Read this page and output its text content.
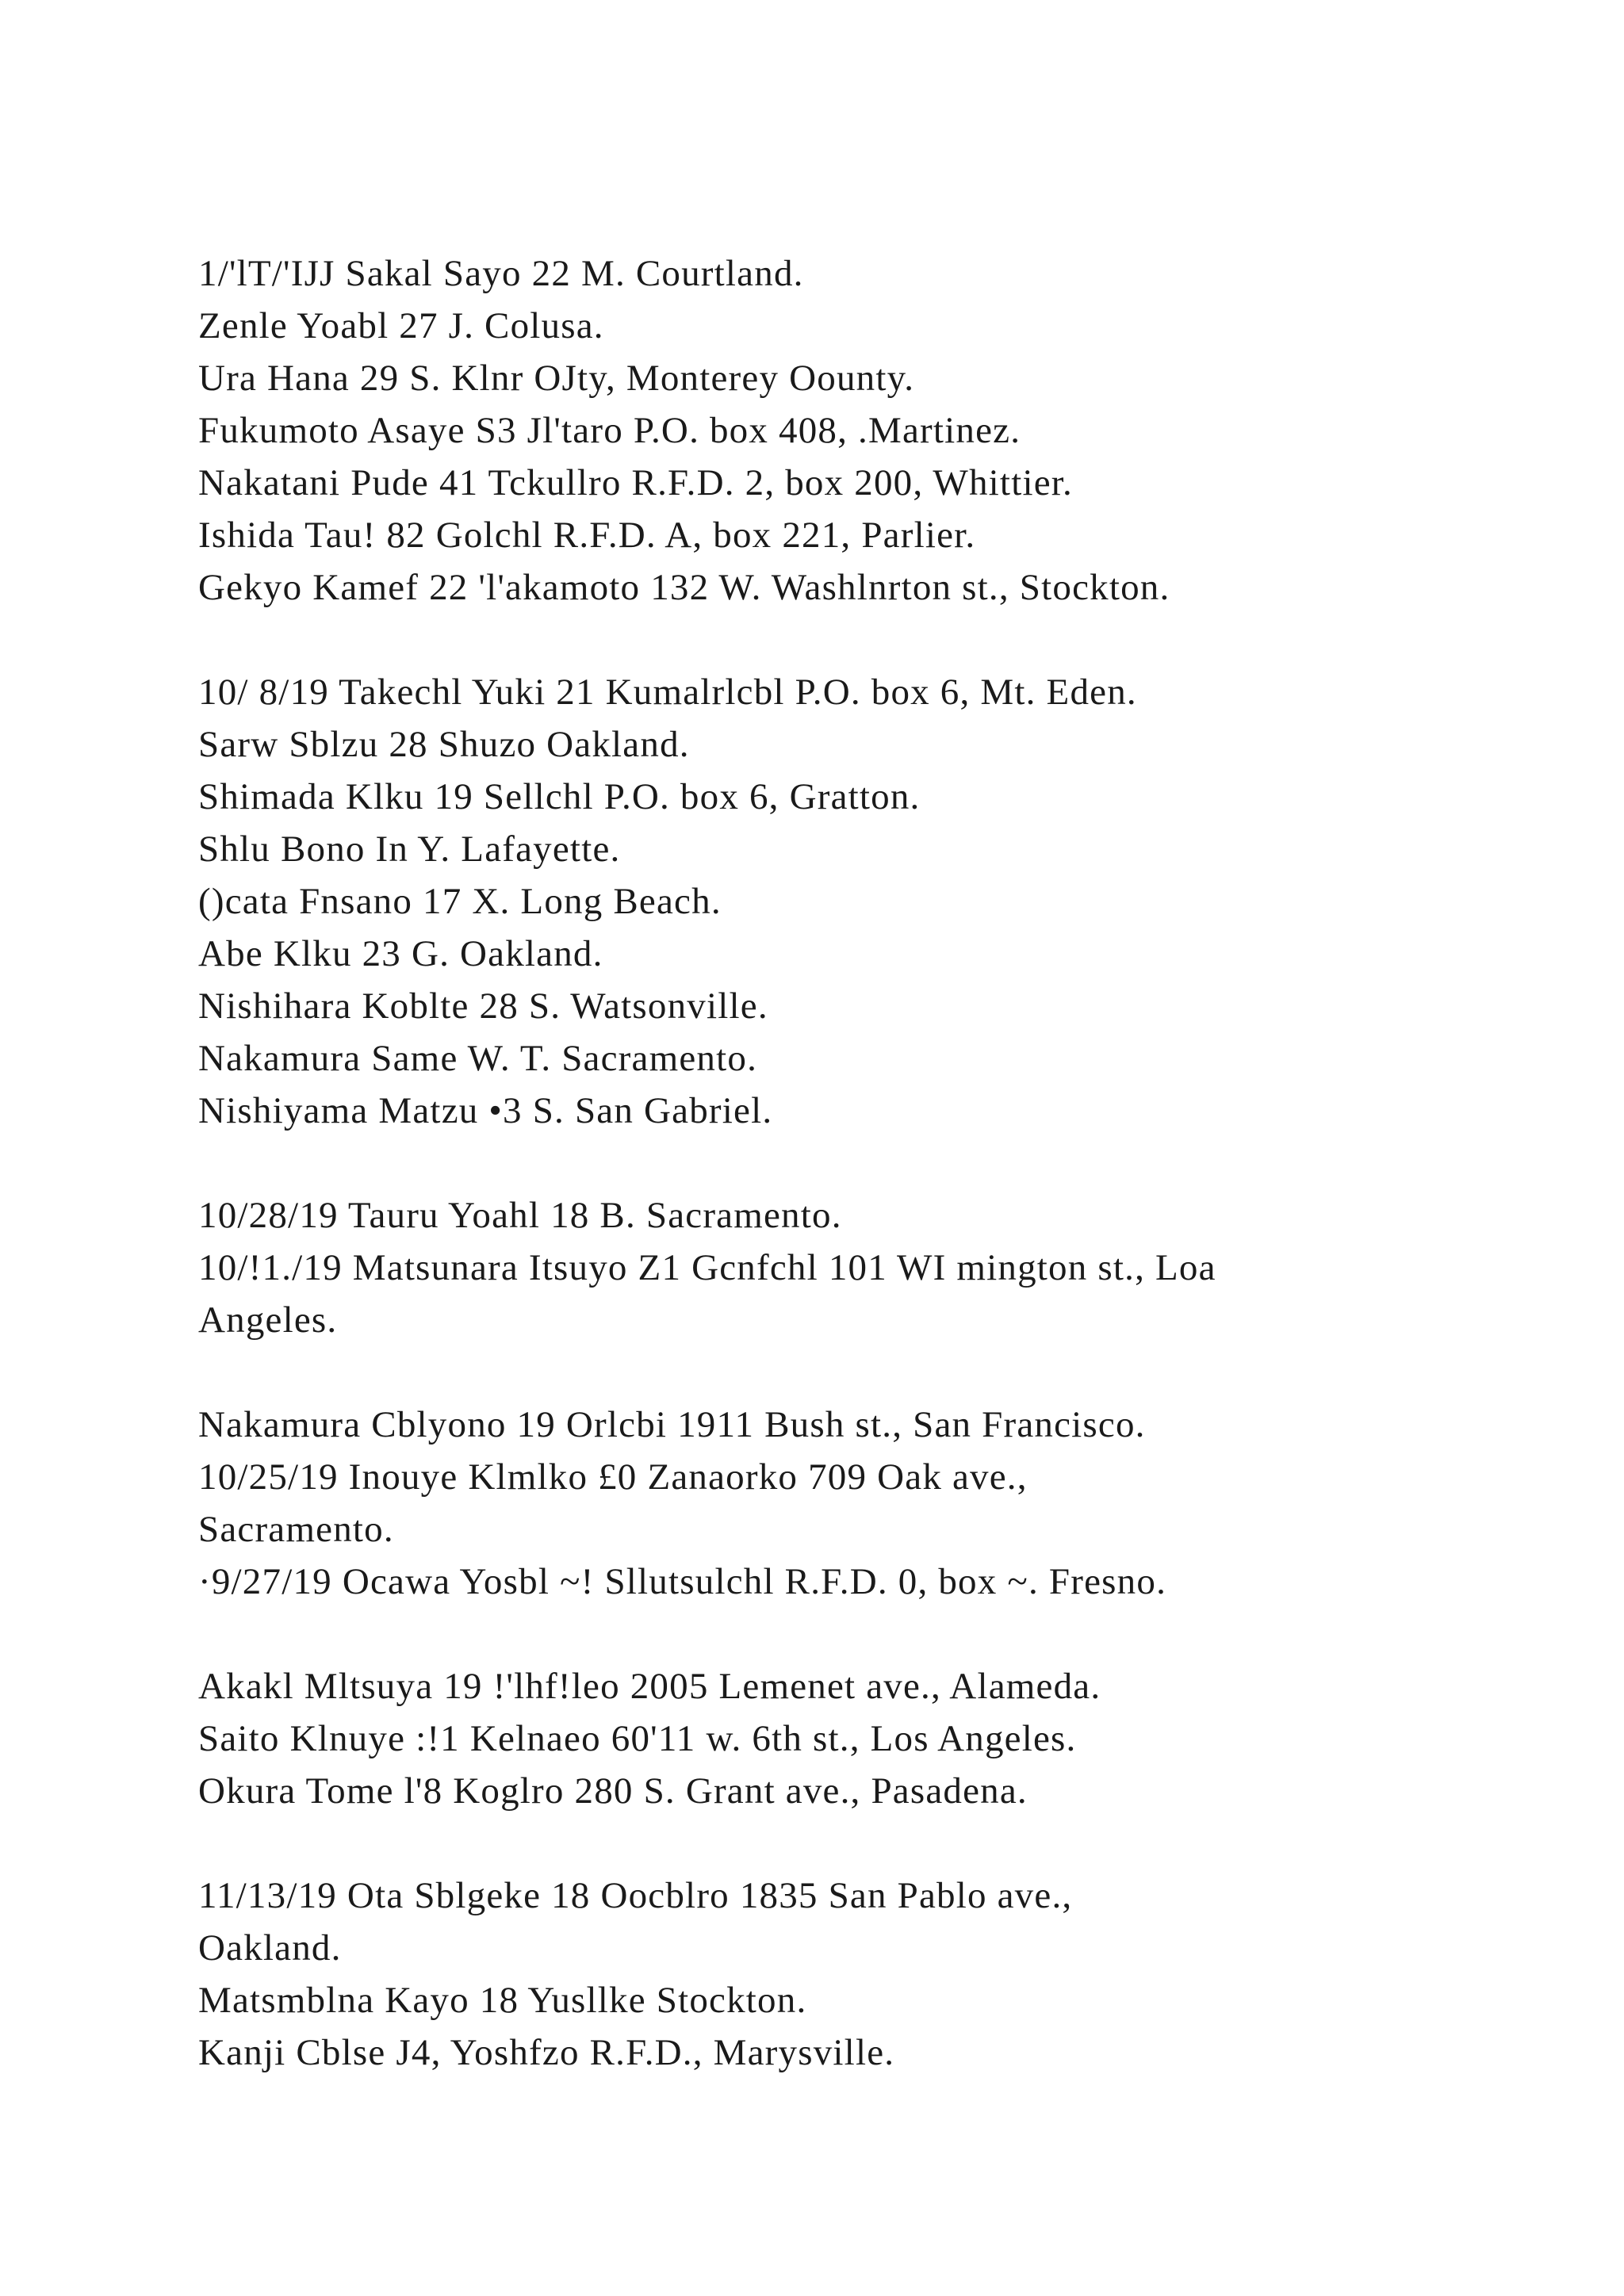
1/'lT/'IJJ Sakal Sayo 22 M. Courtland.
Zenle Yoabl 27 J. Colusa.
Ura Hana 29 S. Klnr OJty, Monterey Oounty.
Fukumoto Asaye S3 Jl'taro P.O. box 408, .Martinez.
Nakatani Pude 41 Tckullro R.F.D. 2, box 200, Whittier.
Ishida Tau! 82 Golchl R.F.D. A, box 221, Parlier.
Gekyo Kamef 22 'l'akamoto 132 W. Washlnrton st., Stockton.
10/ 8/19 Takechl Yuki 21 Kumalrlcbl P.O. box 6, Mt. Eden.
Sarw Sblzu 28 Shuzo Oakland.
Shimada Klku 19 Sellchl P.O. box 6, Gratton.
Shlu Bono In Y. Lafayette.
()cata Fnsano 17 X. Long Beach.
Abe Klku 23 G. Oakland.
Nishihara Koblte 28 S. Watsonville.
Nakamura Same W. T. Sacramento.
Nishiyama Matzu •3 S. San Gabriel.
10/28/19 Tauru Yoahl 18 B. Sacramento.
10/!1./19 Matsunara Itsuyo Z1 Gcnfchl 101 WI mington st., Loa
Angeles.
Nakamura Cblyono 19 Orlcbi 1911 Bush st., San Francisco.
10/25/19 Inouye Klmlko £0 Zanaorko 709 Oak ave.,
Sacramento.
·9/27/19 Ocawa Yosbl ~! Sllutsulchl R.F.D. 0, box ~. Fresno.
Akakl Mltsuya 19 !'lhf!leo 2005 Lemenet ave., Alameda.
Saito Klnuye :!1 Kelnaeo 60'11 w. 6th st., Los Angeles.
Okura Tome l'8 Koglro 280 S. Grant ave., Pasadena.
11/13/19 Ota Sblgeke 18 Oocblro 1835 San Pablo ave.,
Oakland.
Matsmblna Kayo 18 Yusllke Stockton.
Kanji Cblse J4, Yoshfzo R.F.D., Marysville.
